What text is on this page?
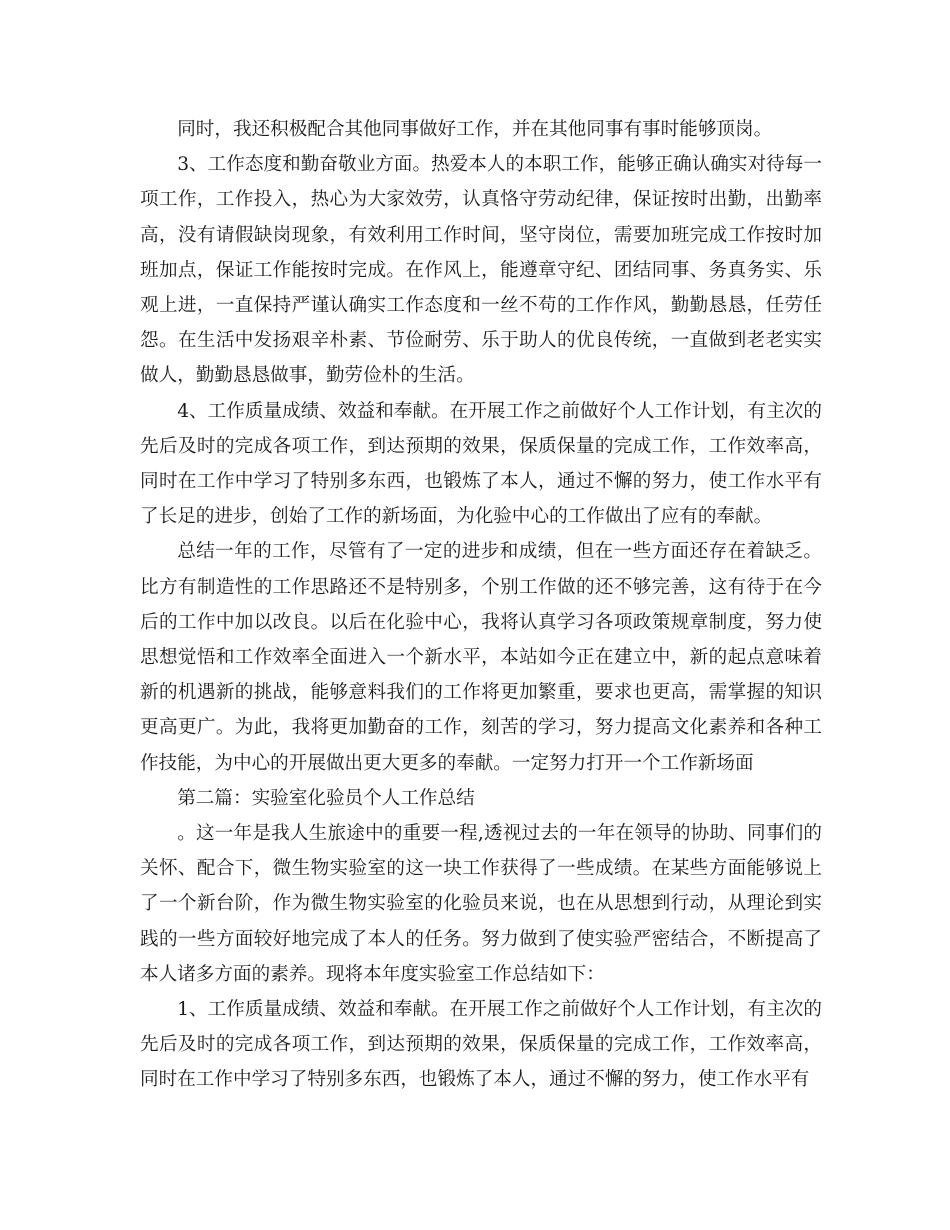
同时，我还积极配合其他同事做好工作，并在其他同事有事时能够顶岗。

3、工作态度和勤奋敬业方面。热爱本人的本职工作，能够正确认确实对待每一项工作，工作投入，热心为大家效劳，认真恪守劳动纪律，保证按时出勤，出勤率高，没有请假缺岗现象，有效利用工作时间，坚守岗位，需要加班完成工作按时加班加点，保证工作能按时完成。在作风上，能遵章守纪、团结同事、务真务实、乐观上进，一直保持严谨认确实工作态度和一丝不苟的工作作风，勤勤恳恳，任劳任怨。在生活中发扬艰辛朴素、节俭耐劳、乐于助人的优良传统，一直做到老老实实做人，勤勤恳恳做事，勤劳俭朴的生活。

4、工作质量成绩、效益和奉献。在开展工作之前做好个人工作计划，有主次的先后及时的完成各项工作，到达预期的效果，保质保量的完成工作，工作效率高，同时在工作中学习了特别多东西，也锻炼了本人，通过不懈的努力，使工作水平有了长足的进步，创始了工作的新场面，为化验中心的工作做出了应有的奉献。

总结一年的工作，尽管有了一定的进步和成绩，但在一些方面还存在着缺乏。比方有制造性的工作思路还不是特别多，个别工作做的还不够完善，这有待于在今后的工作中加以改良。以后在化验中心，我将认真学习各项政策规章制度，努力使思想觉悟和工作效率全面进入一个新水平，本站如今正在建立中，新的起点意味着新的机遇新的挑战，能够意料我们的工作将更加繁重，要求也更高，需掌握的知识更高更广。为此，我将更加勤奋的工作，刻苦的学习，努力提高文化素养和各种工作技能，为中心的开展做出更大更多的奉献。一定努力打开一个工作新场面

第二篇：实验室化验员个人工作总结

。这一年是我人生旅途中的重要一程,透视过去的一年在领导的协助、同事们的关怀、配合下，微生物实验室的这一块工作获得了一些成绩。在某些方面能够说上了一个新台阶，作为微生物实验室的化验员来说，也在从思想到行动，从理论到实践的一些方面较好地完成了本人的任务。努力做到了使实验严密结合，不断提高了本人诸多方面的素养。现将本年度实验室工作总结如下：

1、工作质量成绩、效益和奉献。在开展工作之前做好个人工作计划，有主次的先后及时的完成各项工作，到达预期的效果，保质保量的完成工作，工作效率高，同时在工作中学习了特别多东西，也锻炼了本人，通过不懈的努力，使工作水平有
